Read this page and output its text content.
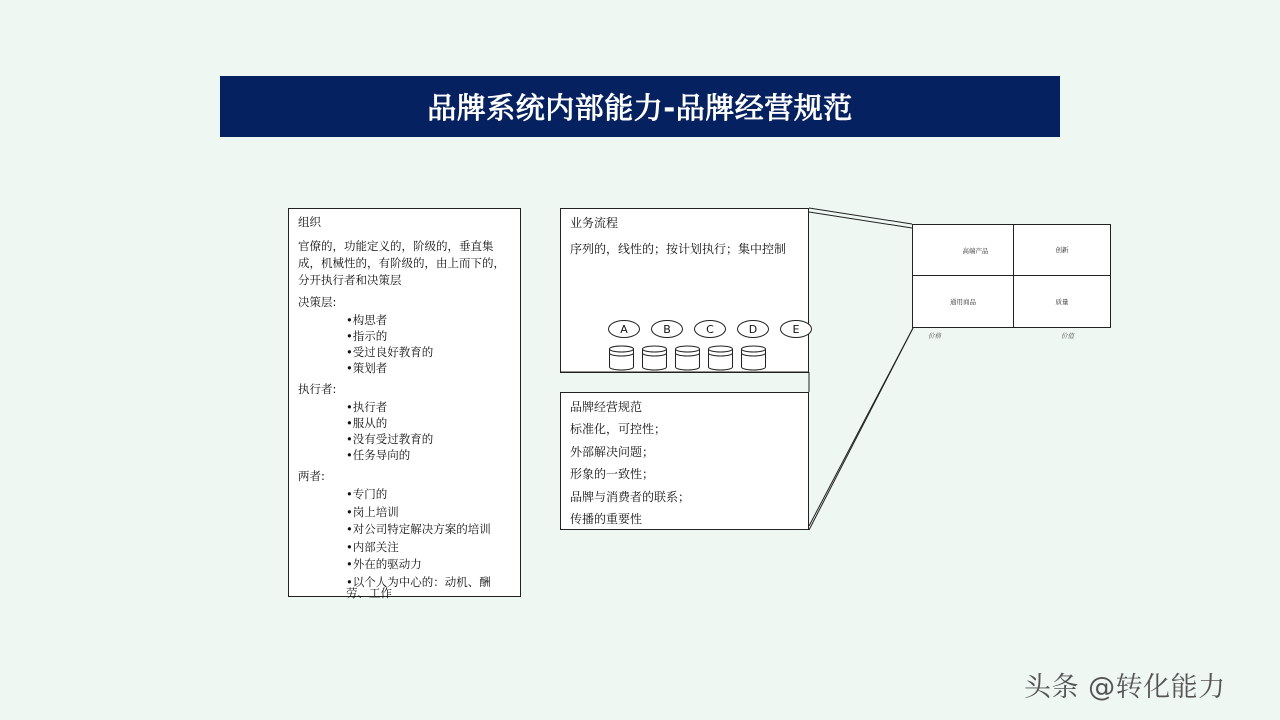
品牌系统内部能力-品牌经营规范
组织
官僚的，功能定义的，阶级的，垂直集成，机械性的，有阶级的，由上而下的，分开执行者和决策层
决策层:
• 构思者
• 指示的
• 受过良好教育的
• 策划者
执行者:
• 执行者
• 服从的
• 没有受过教育的
• 任务导向的
两者:
• 专门的
• 岗上培训
• 对公司特定解决方案的培训
• 内部关注
• 外在的驱动力
• 以个人为中心的：动机、酬劳、工作
业务流程
序列的，线性的；按计划执行；集中控制
A	B	C	D	E
品牌经营规范
标准化，可控性；
外部解决问题；
形象的一致性；
品牌与消费者的联系；
传播的重要性
高端产品	创新
通用商品	质量
价格	价值
头条 @转化能力
